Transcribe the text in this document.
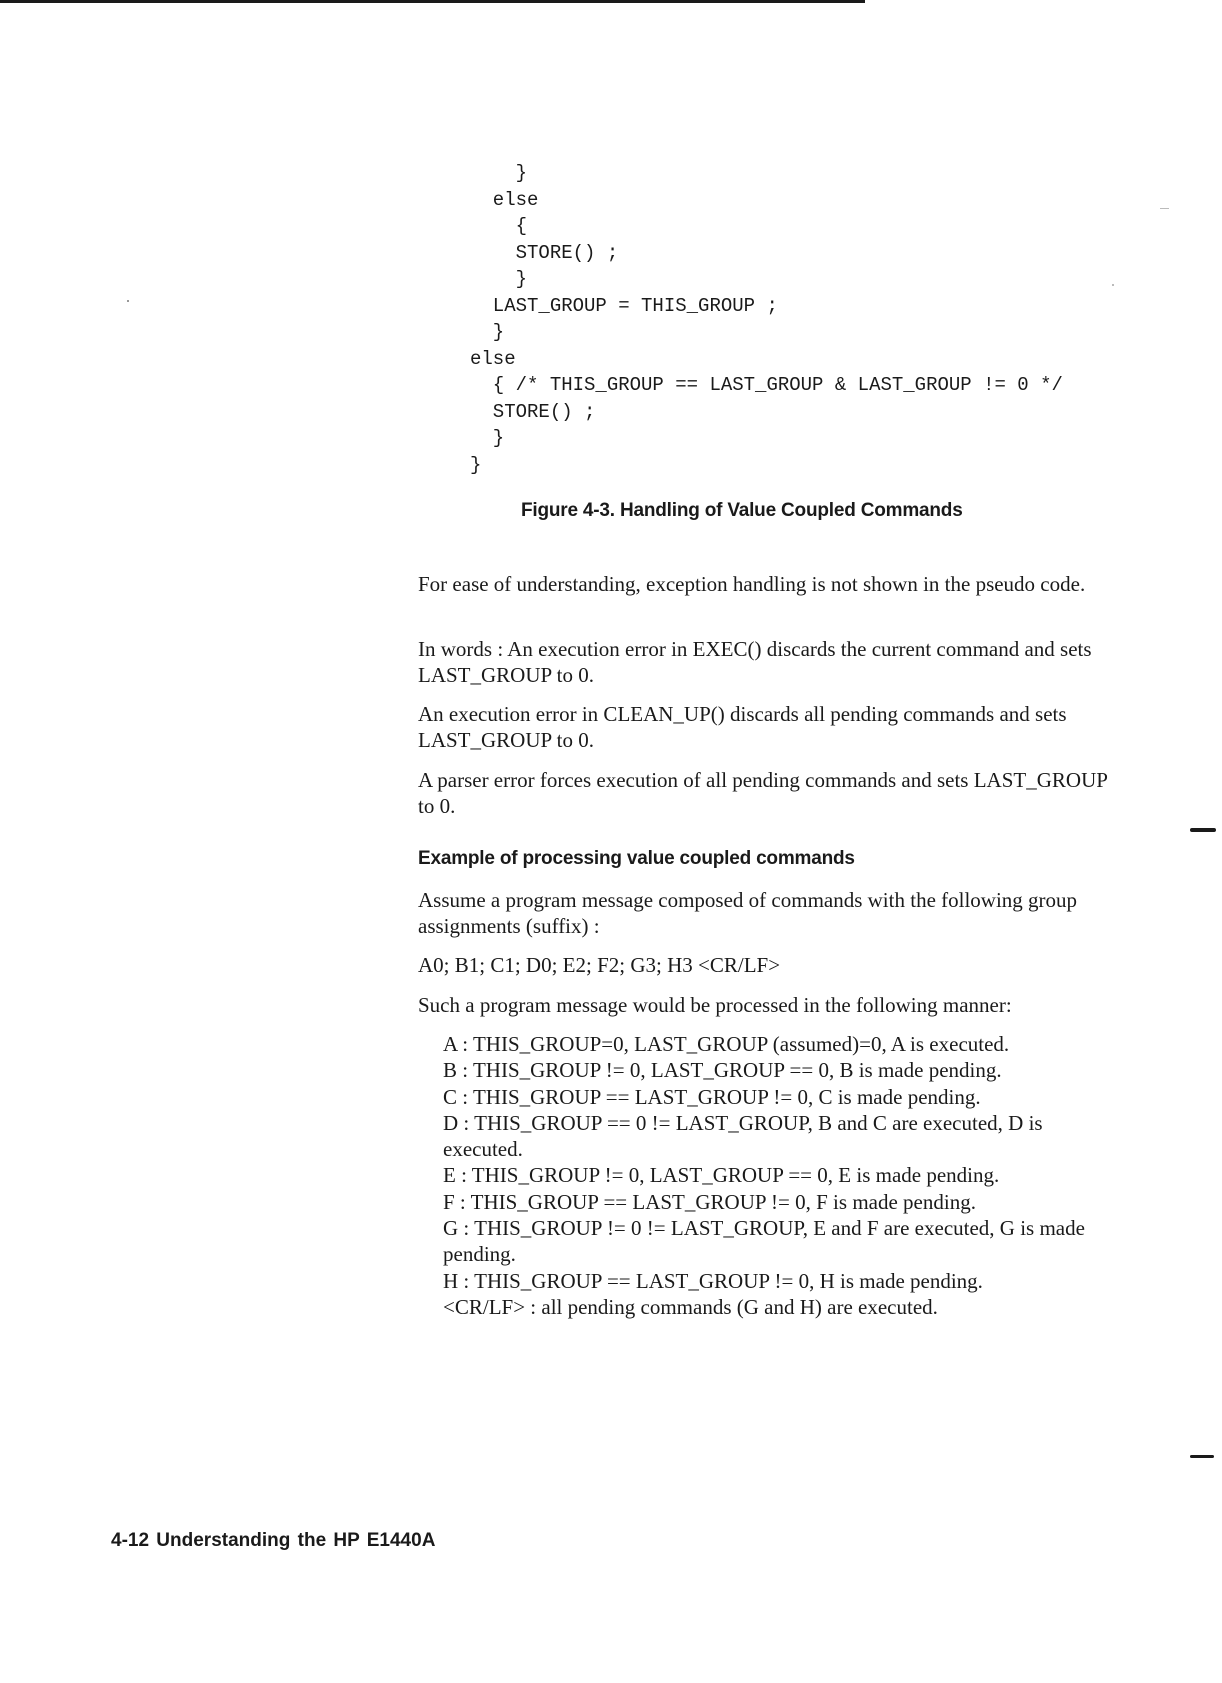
}
else
{
STORE() ;
}
LAST_GROUP = THIS_GROUP ;
}
else
{ /* THIS_GROUP == LAST_GROUP & LAST_GROUP != 0 */
STORE() ;
}
}
Figure 4-3. Handling of Value Coupled Commands

For ease of understanding, exception handling is not shown in the pseudo code.

In words : An execution error in EXEC() discards the current command and sets LAST_GROUP to 0.

An execution error in CLEAN_UP() discards all pending commands and sets LAST_GROUP to 0.

A parser error forces execution of all pending commands and sets LAST_GROUP to 0.

Example of processing value coupled commands

Assume a program message composed of commands with the following group assignments (suffix) :

A0; B1; C1; D0; E2; F2; G3; H3 <CR/LF>

Such a program message would be processed in the following manner:

A : THIS_GROUP=0, LAST_GROUP (assumed)=0, A is executed.
B : THIS_GROUP != 0, LAST_GROUP == 0, B is made pending.
C : THIS_GROUP == LAST_GROUP != 0, C is made pending.
D : THIS_GROUP == 0 != LAST_GROUP, B and C are executed, D is executed.
E : THIS_GROUP != 0, LAST_GROUP == 0, E is made pending.
F : THIS_GROUP == LAST_GROUP != 0, F is made pending.
G : THIS_GROUP != 0 != LAST_GROUP, E and F are executed, G is made pending.
H : THIS_GROUP == LAST_GROUP != 0, H is made pending.
<CR/LF> : all pending commands (G and H) are executed.
4-12 Understanding the HP E1440A
